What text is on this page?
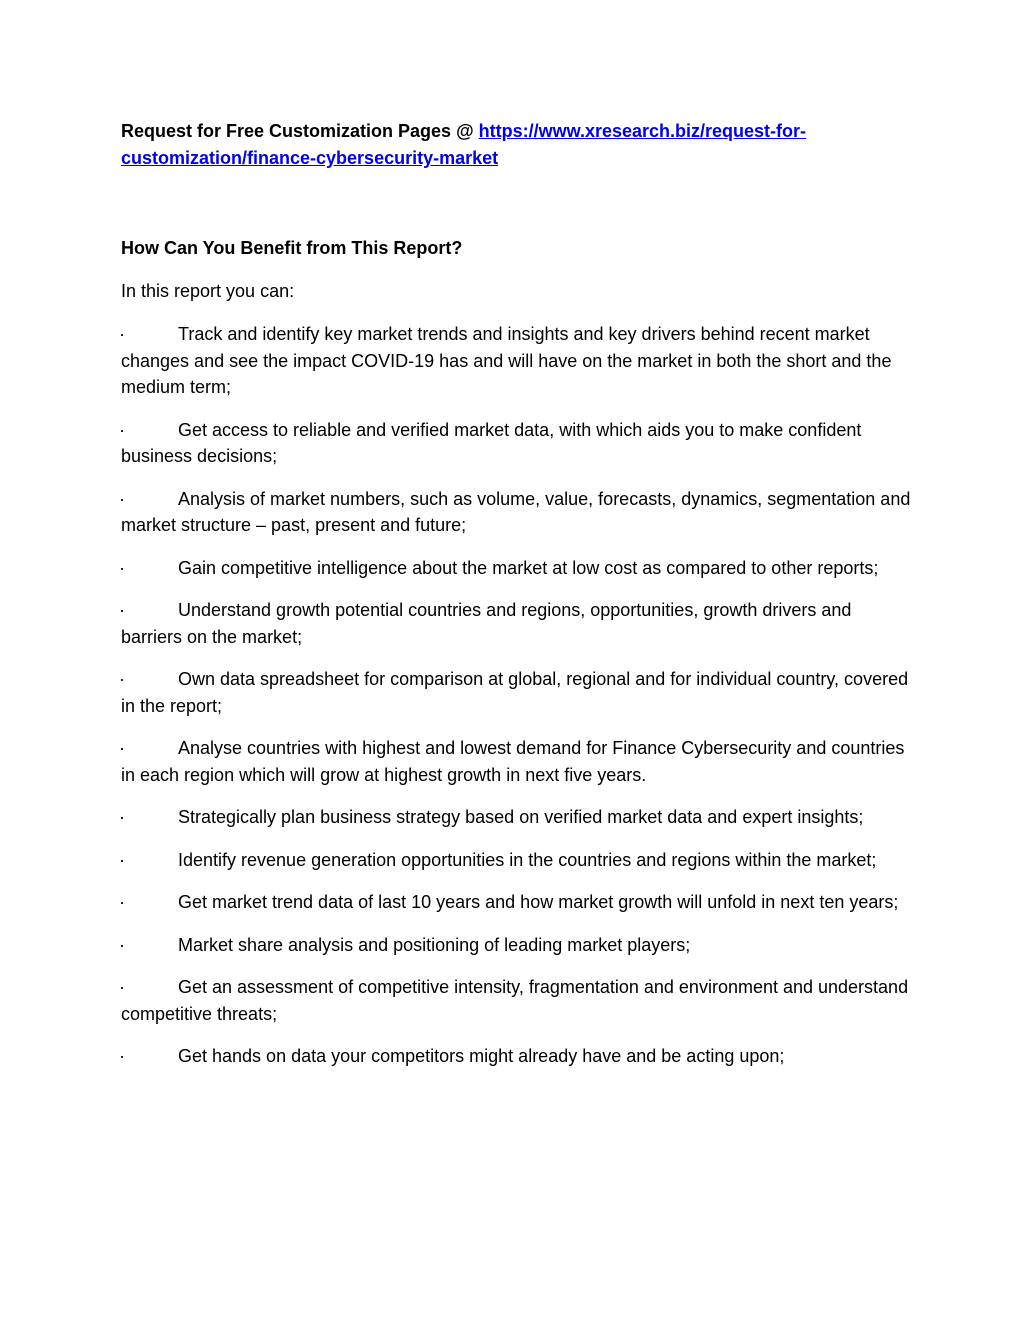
Request for Free Customization Pages @ https://www.xresearch.biz/request-for-customization/finance-cybersecurity-market

How Can You Benefit from This Report?

In this report you can:

·	Track and identify key market trends and insights and key drivers behind recent market changes and see the impact COVID-19 has and will have on the market in both the short and the medium term;
·	Get access to reliable and verified market data, with which aids you to make confident business decisions;
·	Analysis of market numbers, such as volume, value, forecasts, dynamics, segmentation and market structure – past, present and future;
·	Gain competitive intelligence about the market at low cost as compared to other reports;
·	Understand growth potential countries and regions, opportunities, growth drivers and barriers on the market;
·	Own data spreadsheet for comparison at global, regional and for individual country, covered in the report;
·	Analyse countries with highest and lowest demand for Finance Cybersecurity and countries in each region which will grow at highest growth in next five years.
·	Strategically plan business strategy based on verified market data and expert insights;
·	Identify revenue generation opportunities in the countries and regions within the market;
·	Get market trend data of last 10 years and how market growth will unfold in next ten years;
·	Market share analysis and positioning of leading market players;
·	Get an assessment of competitive intensity, fragmentation and environment and understand competitive threats;
·	Get hands on data your competitors might already have and be acting upon;
